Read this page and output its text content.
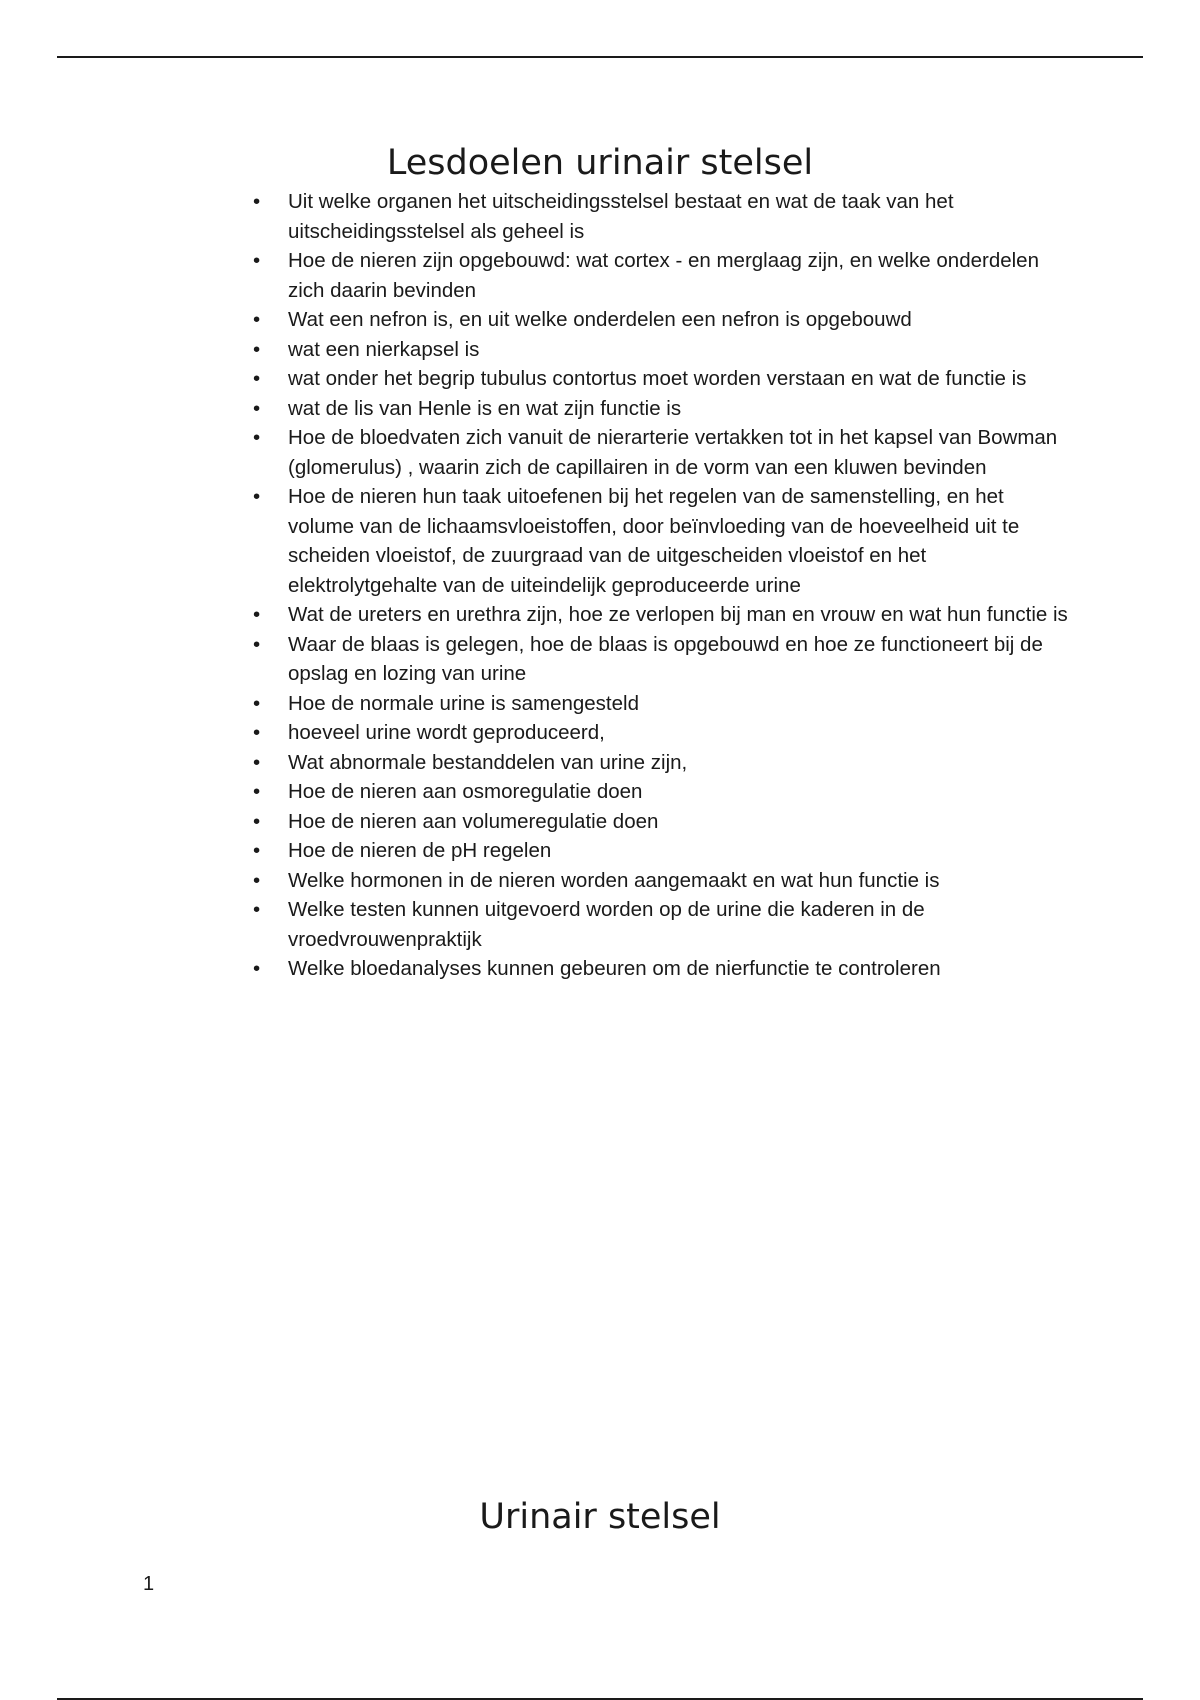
Lesdoelen urinair stelsel
• Uit welke organen het uitscheidingsstelsel bestaat en wat de taak van het uitscheidingsstelsel als geheel is
• Hoe de nieren zijn opgebouwd: wat cortex - en merglaag zijn, en welke onderdelen zich daarin bevinden
• Wat een nefron is, en uit welke onderdelen een nefron is opgebouwd
• wat een nierkapsel is
• wat onder het begrip tubulus contortus moet worden verstaan en wat de functie is
• wat de lis van Henle is en wat zijn functie is
• Hoe de bloedvaten zich vanuit de nierarterie vertakken tot in het kapsel van Bowman (glomerulus) , waarin zich de capillairen in de vorm van een kluwen bevinden
• Hoe de nieren hun taak uitoefenen bij het regelen van de samenstelling, en het volume van de lichaamsvloeistoffen, door beïnvloeding van de hoeveelheid uit te scheiden vloeistof, de zuurgraad van de uitgescheiden vloeistof en het elektrolytgehalte van de uiteindelijk geproduceerde urine
• Wat de ureters en urethra zijn, hoe ze verlopen bij man en vrouw en wat hun functie is
• Waar de blaas is gelegen, hoe de blaas is opgebouwd en hoe ze functioneert bij de opslag en lozing van urine
• Hoe de normale urine is samengesteld
• hoeveel urine wordt geproduceerd,
• Wat abnormale bestanddelen van urine zijn,
• Hoe de nieren aan osmoregulatie doen
• Hoe de nieren aan volumeregulatie doen
• Hoe de nieren de pH regelen
• Welke hormonen in de nieren worden aangemaakt en wat hun functie is
• Welke testen kunnen uitgevoerd worden op de urine die kaderen in de vroedvrouwenpraktijk
• Welke bloedanalyses kunnen gebeuren om de nierfunctie te controleren
Urinair stelsel
1
